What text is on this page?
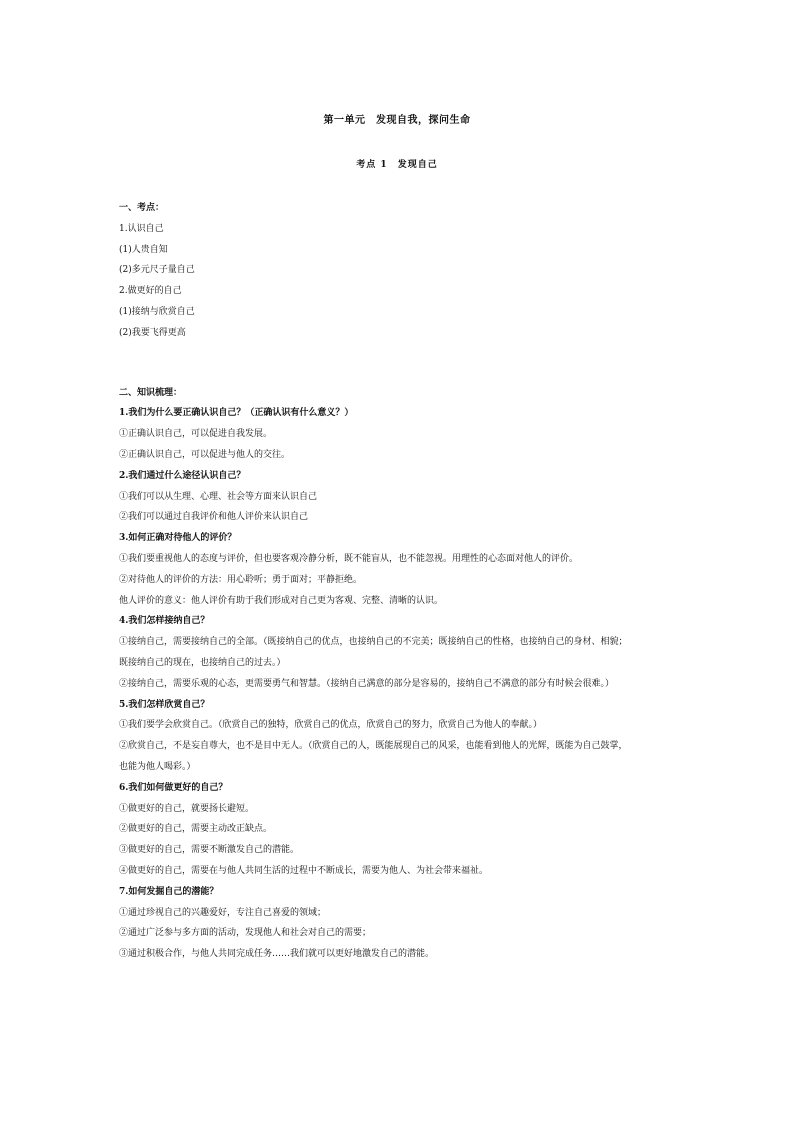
第一单元　发现自我，探问生命
考点 1　发现自己
一、考点：
1.认识自己
(1)人贵自知
(2)多元尺子量自己
2.做更好的自己
(1)接纳与欣赏自己
(2)我要飞得更高
二、知识梳理：
1.我们为什么要正确认识自己？（正确认识有什么意义？）
①正确认识自己，可以促进自我发展。
②正确认识自己，可以促进与他人的交往。
2.我们通过什么途径认识自己？
①我们可以从生理、心理、社会等方面来认识自己
②我们可以通过自我评价和他人评价来认识自己
3.如何正确对待他人的评价？
①我们要重视他人的态度与评价，但也要客观冷静分析，既不能盲从，也不能忽视。用理性的心态面对他人的评价。
②对待他人的评价的方法：用心聆听；勇于面对；平静拒绝。
他人评价的意义：他人评价有助于我们形成对自己更为客观、完整、清晰的认识。
4.我们怎样接纳自己？
①接纳自己，需要接纳自己的全部。（既接纳自己的优点，也接纳自己的不完美；既接纳自己的性格，也接纳自己的身材、相貌；
既接纳自己的现在，也接纳自己的过去。）
②接纳自己，需要乐观的心态，更需要勇气和智慧。（接纳自己满意的部分是容易的，接纳自己不满意的部分有时候会很难。）
5.我们怎样欣赏自己？
①我们要学会欣赏自己。（欣赏自己的独特，欣赏自己的优点，欣赏自己的努力，欣赏自己为他人的奉献。）
②欣赏自己，不是妄自尊大，也不是目中无人。（欣赏自己的人，既能展现自己的风采，也能看到他人的光辉，既能为自己鼓掌，
也能为他人喝彩。）
6.我们如何做更好的自己？
①做更好的自己，就要扬长避短。
②做更好的自己，需要主动改正缺点。
③做更好的自己，需要不断激发自己的潜能。
④做更好的自己，需要在与他人共同生活的过程中不断成长，需要为他人、为社会带来福祉。
7.如何发掘自己的潜能？
①通过珍视自己的兴趣爱好，专注自己喜爱的领域；
②通过广泛参与多方面的活动，发现他人和社会对自己的需要；
③通过积极合作，与他人共同完成任务……我们就可以更好地激发自己的潜能。
